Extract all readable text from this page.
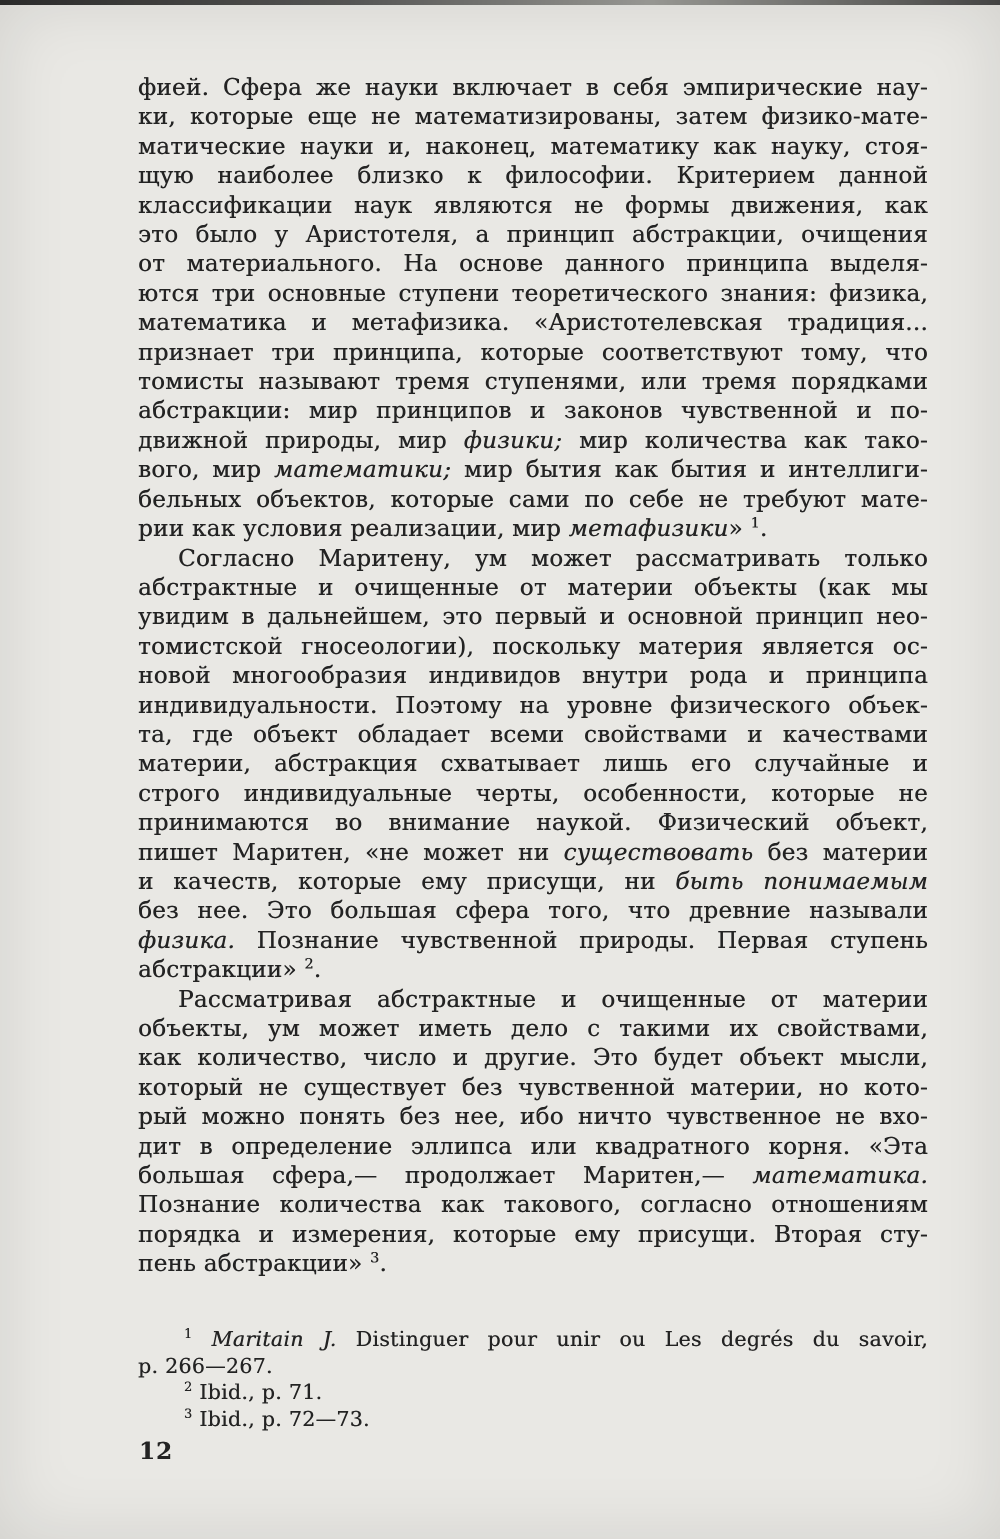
фией. Сфера же науки включает в себя эмпирические нау-
ки, которые еще не математизированы, затем физико-мате-
матические науки и, наконец, математику как науку, стоя-
щую наиболее близко к философии. Критерием данной
классификации наук являются не формы движения, как
это было у Аристотеля, а принцип абстракции, очищения
от материального. На основе данного принципа выделя-
ются три основные ступени теоретического знания: физика,
математика и метафизика. «Аристотелевская традиция...
признает три принципа, которые соответствуют тому, что
томисты называют тремя ступенями, или тремя порядками
абстракции: мир принципов и законов чувственной и по-
движной природы, мир физики; мир количества как тако-
вого, мир математики; мир бытия как бытия и интеллиги-
бельных объектов, которые сами по себе не требуют мате-
рии как условия реализации, мир метафизики» $^1$.
Согласно Маритену, ум может рассматривать только
абстрактные и очищенные от материи объекты (как мы
увидим в дальнейшем, это первый и основной принцип нео-
томистской гносеологии), поскольку материя является ос-
новой многообразия индивидов внутри рода и принципа
индивидуальности. Поэтому на уровне физического объек-
та, где объект обладает всеми свойствами и качествами
материи, абстракция схватывает лишь его случайные и
строго индивидуальные черты, особенности, которые не
принимаются во внимание наукой. Физический объект,
пишет Маритен, «не может ни существовать без материи
и качеств, которые ему присущи, ни быть понимаемым
без нее. Это большая сфера того, что древние называли
физика. Познание чувственной природы. Первая ступень
абстракции» $^2$.
Рассматривая абстрактные и очищенные от материи
объекты, ум может иметь дело с такими их свойствами,
как количество, число и другие. Это будет объект мысли,
который не существует без чувственной материи, но кото-
рый можно понять без нее, ибо ничто чувственное не вхо-
дит в определение эллипса или квадратного корня. «Эта
большая сфера,— продолжает Маритен,— математика.
Познание количества как такового, согласно отношениям
порядка и измерения, которые ему присущи. Вторая сту-
пень абстракции» $^3$.
$^1$ Maritain J. Distinguer pour unir ou Les degrés du savoir,
p. 266—267.
$^2$ Ibid., p. 71.
$^3$ Ibid., p. 72—73.
12
